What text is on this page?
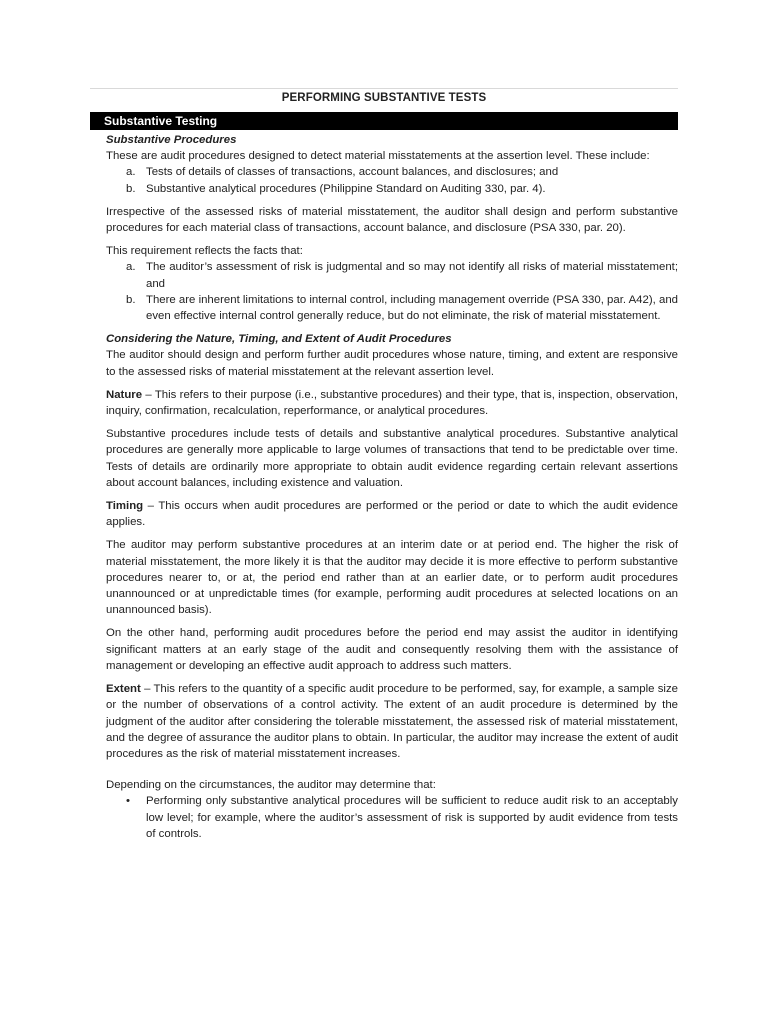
PERFORMING SUBSTANTIVE TESTS
Substantive Testing
Substantive Procedures

These are audit procedures designed to detect material misstatements at the assertion level. These include:

a. Tests of details of classes of transactions, account balances, and disclosures; and
b. Substantive analytical procedures (Philippine Standard on Auditing 330, par. 4).

Irrespective of the assessed risks of material misstatement, the auditor shall design and perform substantive procedures for each material class of transactions, account balance, and disclosure (PSA 330, par. 20).

This requirement reflects the facts that:

a. The auditor’s assessment of risk is judgmental and so may not identify all risks of material misstatement; and
b. There are inherent limitations to internal control, including management override (PSA 330, par. A42), and even effective internal control generally reduce, but do not eliminate, the risk of material misstatement.
Considering the Nature, Timing, and Extent of Audit Procedures

The auditor should design and perform further audit procedures whose nature, timing, and extent are responsive to the assessed risks of material misstatement at the relevant assertion level.

Nature – This refers to their purpose (i.e., substantive procedures) and their type, that is, inspection, observation, inquiry, confirmation, recalculation, reperformance, or analytical procedures.

Substantive procedures include tests of details and substantive analytical procedures. Substantive analytical procedures are generally more applicable to large volumes of transactions that tend to be predictable over time. Tests of details are ordinarily more appropriate to obtain audit evidence regarding certain relevant assertions about account balances, including existence and valuation.

Timing – This occurs when audit procedures are performed or the period or date to which the audit evidence applies.

The auditor may perform substantive procedures at an interim date or at period end. The higher the risk of material misstatement, the more likely it is that the auditor may decide it is more effective to perform substantive procedures nearer to, or at, the period end rather than at an earlier date, or to perform audit procedures unannounced or at unpredictable times (for example, performing audit procedures at selected locations on an unannounced basis).

On the other hand, performing audit procedures before the period end may assist the auditor in identifying significant matters at an early stage of the audit and consequently resolving them with the assistance of management or developing an effective audit approach to address such matters.

Extent – This refers to the quantity of a specific audit procedure to be performed, say, for example, a sample size or the number of observations of a control activity. The extent of an audit procedure is determined by the judgment of the auditor after considering the tolerable misstatement, the assessed risk of material misstatement, and the degree of assurance the auditor plans to obtain. In particular, the auditor may increase the extent of audit procedures as the risk of material misstatement increases.

Depending on the circumstances, the auditor may determine that:

• Performing only substantive analytical procedures will be sufficient to reduce audit risk to an acceptably low level; for example, where the auditor’s assessment of risk is supported by audit evidence from tests of controls.
